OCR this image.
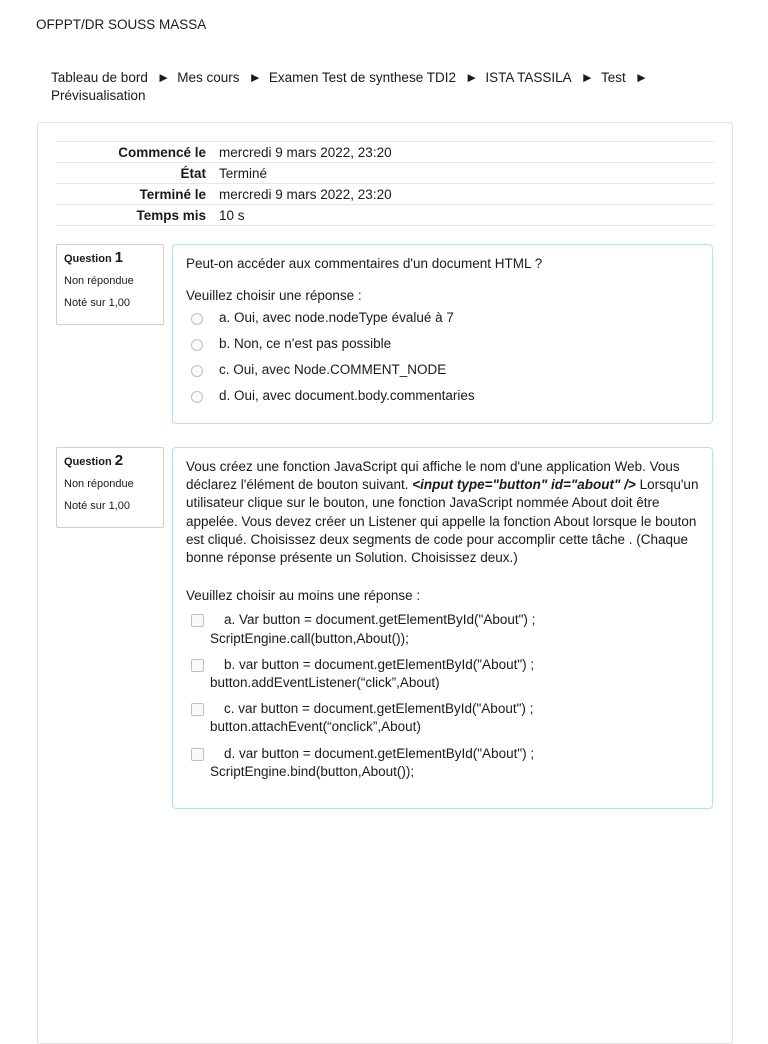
OFPPT/DR SOUSS MASSA
Tableau de bord ► Mes cours ► Examen Test de synthese TDI2 ► ISTA TASSILA ► Test ►
Prévisualisation
Commencé le	mercredi 9 mars 2022, 23:20
État	Terminé
Terminé le	mercredi 9 mars 2022, 23:20
Temps mis	10 s
Question 1
Non répondue
Noté sur 1,00
Peut-on accéder aux commentaires d'un document HTML ?
Veuillez choisir une réponse :
a. Oui, avec node.nodeType évalué à 7
b. Non, ce n'est pas possible
c. Oui, avec Node.COMMENT_NODE
d. Oui, avec document.body.commentaries
Question 2
Non répondue
Noté sur 1,00
Vous créez une fonction JavaScript qui affiche le nom d'une application Web. Vous déclarez l'élément de bouton suivant. <input type="button" id="about" /> Lorsqu'un utilisateur clique sur le bouton, une fonction JavaScript nommée About doit être appelée. Vous devez créer un Listener qui appelle la fonction About lorsque le bouton est cliqué. Choisissez deux segments de code pour accomplir cette tâche . (Chaque bonne réponse présente un Solution. Choisissez deux.)
Veuillez choisir au moins une réponse :
a. Var button = document.getElementById("About") ;
ScriptEngine.call(button,About());
b. var button = document.getElementById("About") ;
button.addEventListener(“click”,About)
c. var button = document.getElementById("About") ;
button.attachEvent(“onclick”,About)
d. var button = document.getElementById("About") ;
ScriptEngine.bind(button,About());
